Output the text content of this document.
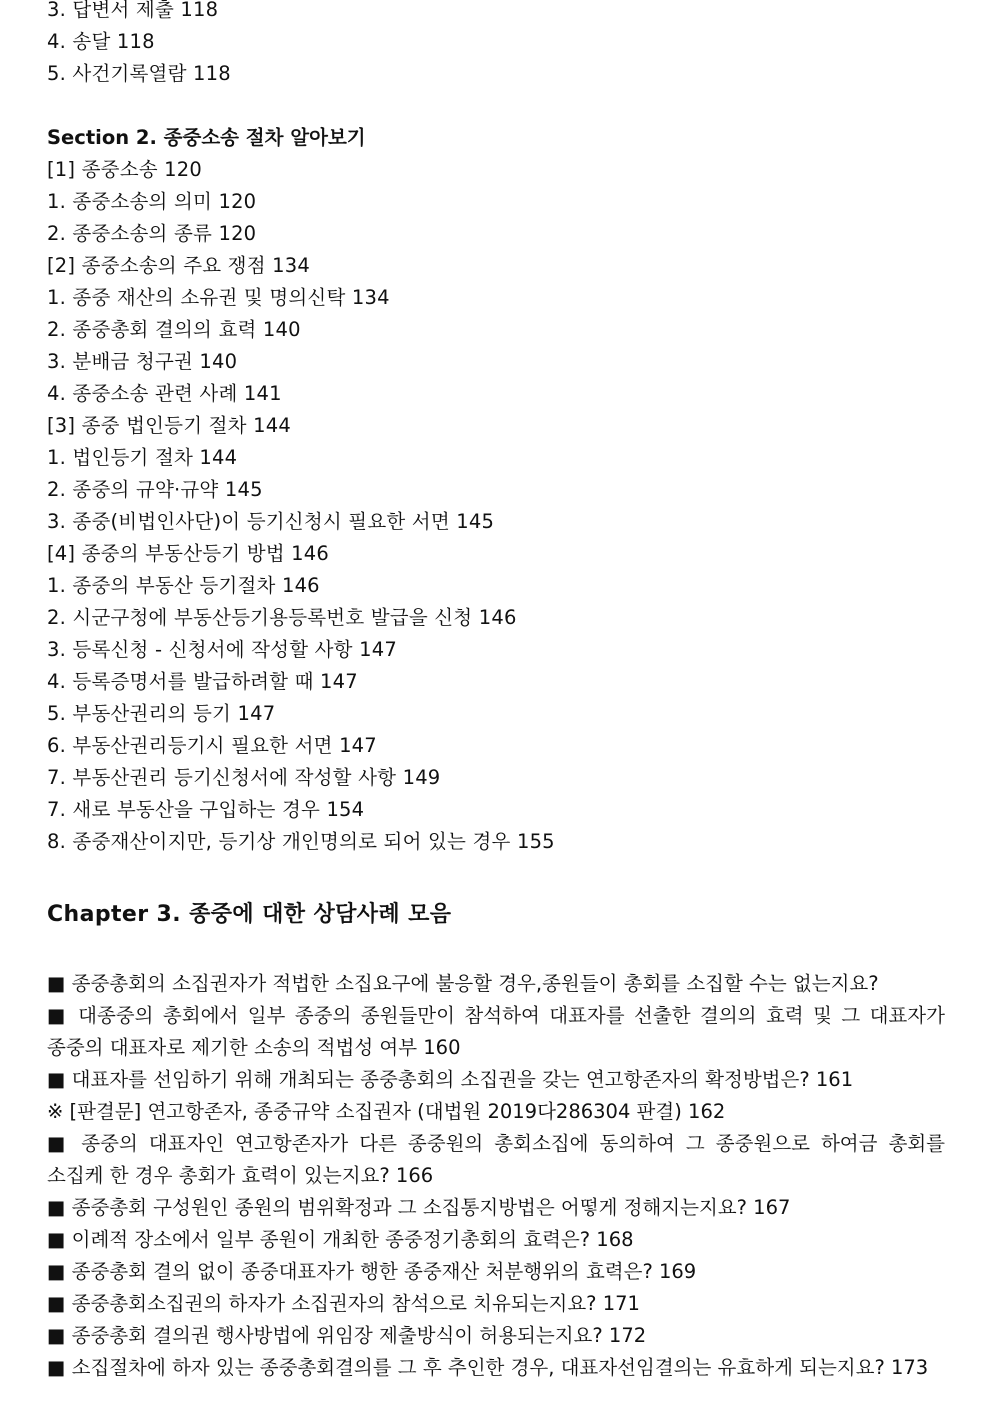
3. 답변서 제출 118
4. 송달 118
5. 사건기록열람 118
Section 2. 종중소송 절차 알아보기
[1] 종중소송 120
1. 종중소송의 의미 120
2. 종중소송의 종류 120
[2] 종중소송의 주요 쟁점 134
1. 종중 재산의 소유권 및 명의신탁 134
2. 종중총회 결의의 효력 140
3. 분배금 청구권 140
4. 종중소송 관련 사례 141
[3] 종중 법인등기 절차 144
1. 법인등기 절차 144
2. 종중의 규약·규약 145
3. 종중(비법인사단)이 등기신청시 필요한 서면 145
[4] 종중의 부동산등기 방법 146
1. 종중의 부동산 등기절차 146
2. 시군구청에 부동산등기용등록번호 발급을 신청 146
3. 등록신청 - 신청서에 작성할 사항 147
4. 등록증명서를 발급하려할 때 147
5. 부동산권리의 등기 147
6. 부동산권리등기시 필요한 서면 147
7. 부동산권리 등기신청서에 작성할 사항 149
7. 새로 부동산을 구입하는 경우 154
8. 종중재산이지만, 등기상 개인명의로 되어 있는 경우 155
Chapter 3. 종중에 대한 상담사례 모음
■ 종중총회의 소집권자가 적법한 소집요구에 불응할 경우,종원들이 총회를 소집할 수는 없는지요?
■ 대종중의 총회에서 일부 종중의 종원들만이 참석하여 대표자를 선출한 결의의 효력 및 그 대표자가 종중의 대표자로 제기한 소송의 적법성 여부 160
■ 대표자를 선임하기 위해 개최되는 종중총회의 소집권을 갖는 연고항존자의 확정방법은? 161
※ [판결문] 연고항존자, 종중규약 소집권자 (대법원 2019다286304 판결) 162
■ 종중의 대표자인 연고항존자가 다른 종중원의 총회소집에 동의하여 그 종중원으로 하여금 총회를 소집케 한 경우 총회가 효력이 있는지요? 166
■ 종중총회 구성원인 종원의 범위확정과 그 소집통지방법은 어떻게 정해지는지요? 167
■ 이례적 장소에서 일부 종원이 개최한 종중정기총회의 효력은? 168
■ 종중총회 결의 없이 종중대표자가 행한 종중재산 처분행위의 효력은? 169
■ 종중총회소집권의 하자가 소집권자의 참석으로 치유되는지요? 171
■ 종중총회 결의권 행사방법에 위임장 제출방식이 허용되는지요? 172
■ 소집절차에 하자 있는 종중총회결의를 그 후 추인한 경우, 대표자선임결의는 유효하게 되는지요? 173
